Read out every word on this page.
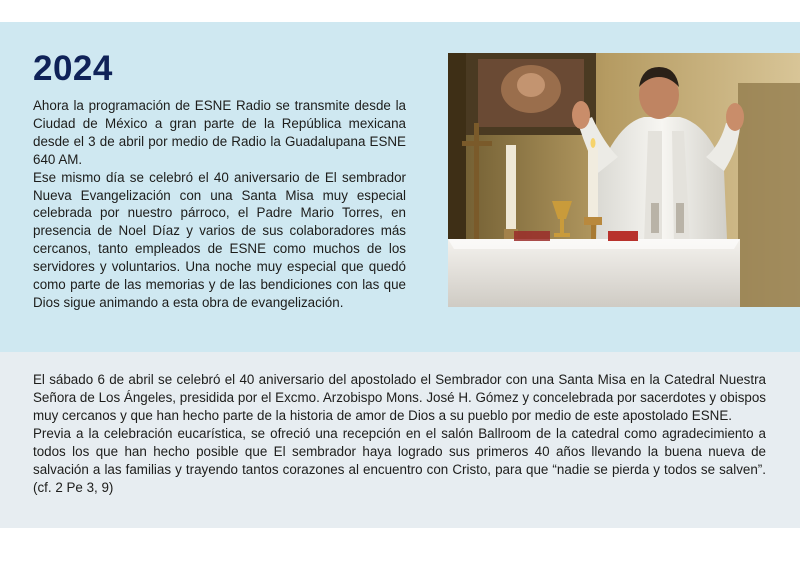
2024

Ahora la programación de ESNE Radio se transmite desde la Ciudad de México a gran parte de la República mexicana desde el 3 de abril por medio de Radio la Guadalupana ESNE 640 AM.

Ese mismo día se celebró el 40 aniversario de El sembrador Nueva Evangelización con una Santa Misa muy especial celebrada por nuestro párroco, el Padre Mario Torres, en presencia de Noel Díaz y varios de sus colaboradores más cercanos, tanto empleados de ESNE como muchos de los servidores y voluntarios. Una noche muy especial que quedó como parte de las memorias y de las bendiciones con las que Dios sigue animando a esta obra de evangelización.

El sábado 6 de abril se celebró el 40 aniversario del apostolado el Sembrador con una Santa Misa en la Catedral Nuestra Señora de Los Ángeles, presidida por el Excmo. Arzobispo Mons. José H. Gómez y concelebrada por sacerdotes y obispos muy cercanos y que han hecho parte de la historia de amor de Dios a su pueblo por medio de este apostolado ESNE.

Previa a la celebración eucarística, se ofreció una recepción en el salón Ballroom de la catedral como agradecimiento a todos los que han hecho posible que El sembrador haya logrado sus primeros 40 años llevando la buena nueva de salvación a las familias y trayendo tantos corazones al encuentro con Cristo, para que “nadie se pierda y todos se salven”. (cf. 2 Pe 3, 9)
